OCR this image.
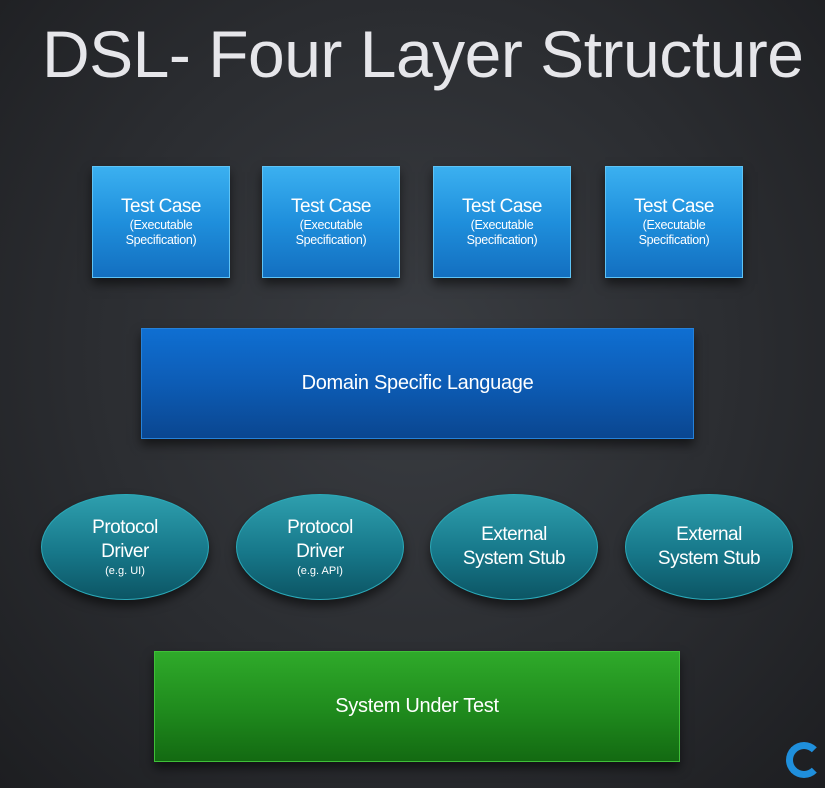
DSL- Four Layer Structure
Test Case
(Executable
Specification)
Test Case
(Executable
Specification)
Test Case
(Executable
Specification)
Test Case
(Executable
Specification)
Domain Specific Language
Protocol
Driver
(e.g. UI)
Protocol
Driver
(e.g. API)
External
System Stub
External
System Stub
System Under Test
